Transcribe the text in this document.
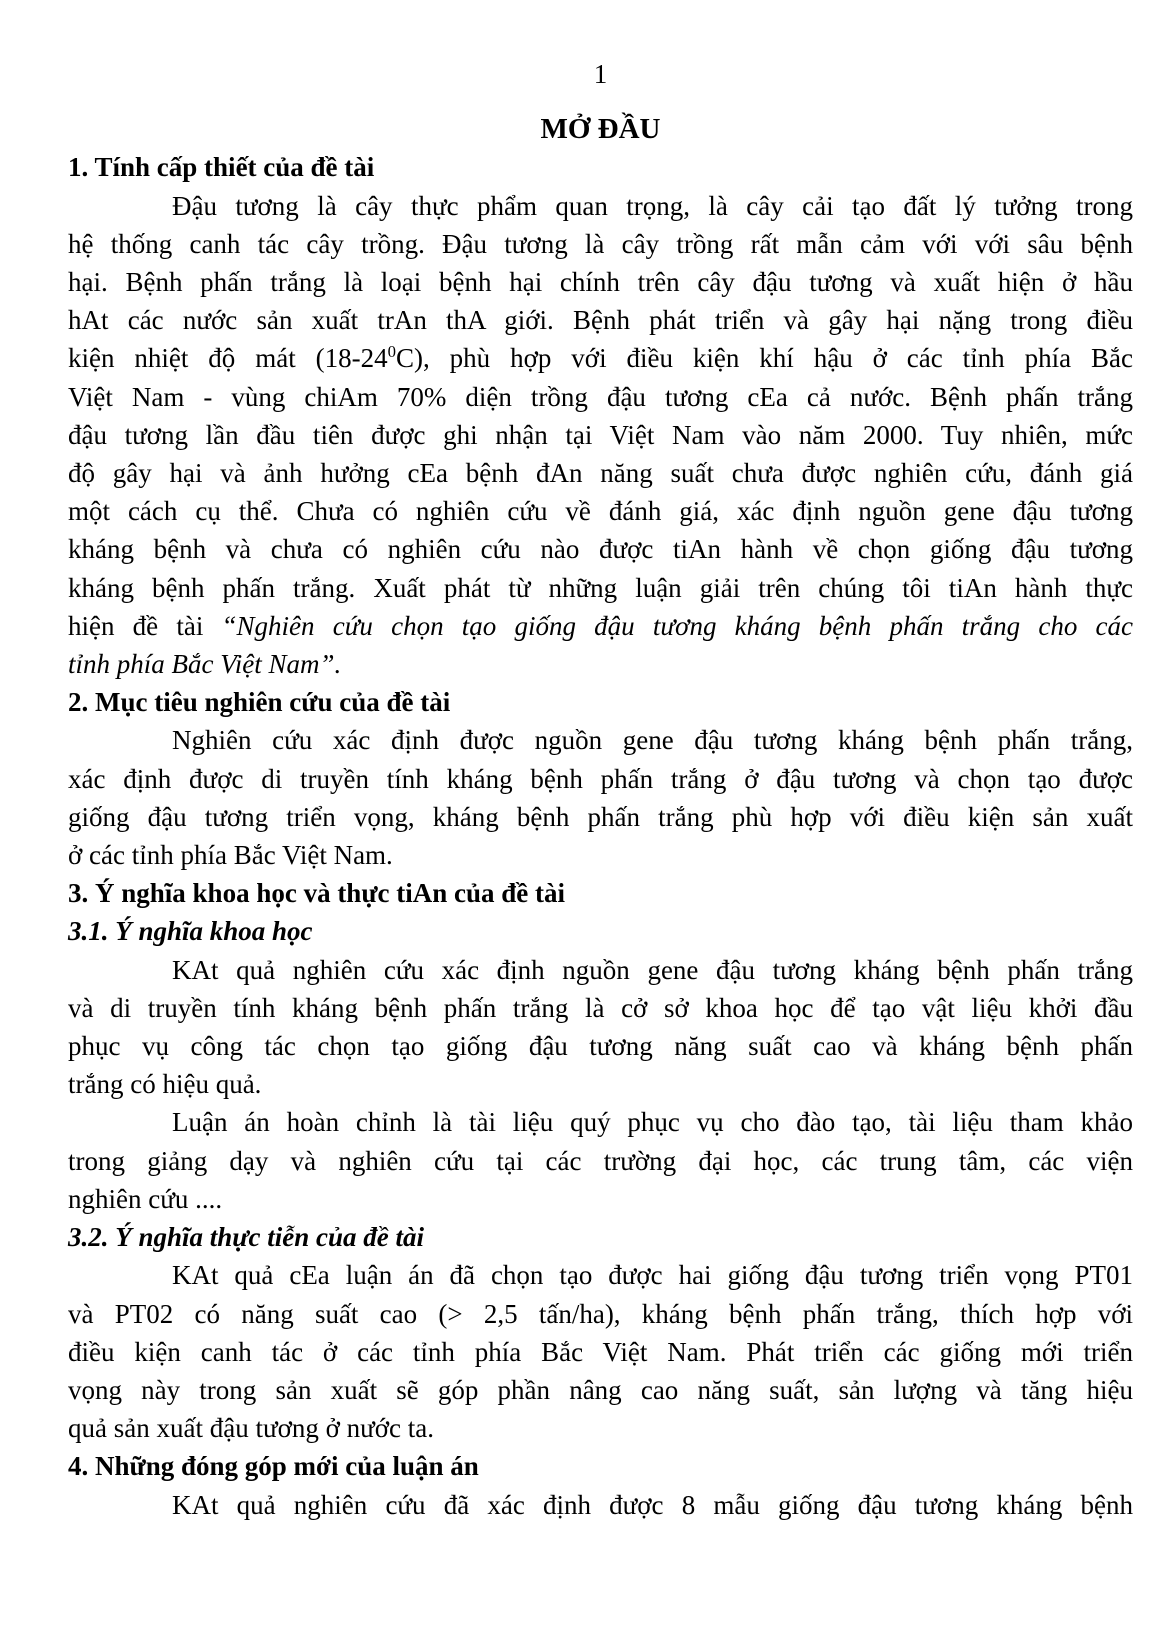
1
MỞ ĐẦU
1. Tính cấp thiết của đề tài
Đậu tương là cây thực phẩm quan trọng, là cây cải tạo đất lý tưởng trong
hệ thống canh tác cây trồng. Đậu tương là cây trồng rất mẫn cảm với với sâu bệnh
hại. Bệnh phấn trắng là loại bệnh hại chính trên cây đậu tương và xuất hiện ở hầu
hAt các nước sản xuất trAn thA giới. Bệnh phát triển và gây hại nặng trong điều
kiện nhiệt độ mát $(18-24^0C)$, phù hợp với điều kiện khí hậu ở các tỉnh phía Bắc
Việt Nam - vùng chiAm 70% diện trồng đậu tương cEa cả nước. Bệnh phấn trắng
đậu tương lần đầu tiên được ghi nhận tại Việt Nam vào năm 2000. Tuy nhiên, mức
độ gây hại và ảnh hưởng cEa bệnh đAn năng suất chưa được nghiên cứu, đánh giá
một cách cụ thể. Chưa có nghiên cứu về đánh giá, xác định nguồn gene đậu tương
kháng bệnh và chưa có nghiên cứu nào được tiAn hành về chọn giống đậu tương
kháng bệnh phấn trắng. Xuất phát từ những luận giải trên chúng tôi tiAn hành thực
hiện đề tài “Nghiên cứu chọn tạo giống đậu tương kháng bệnh phấn trắng cho các
tỉnh phía Bắc Việt Nam”.
2. Mục tiêu nghiên cứu của đề tài
Nghiên cứu xác định được nguồn gene đậu tương kháng bệnh phấn trắng,
xác định được di truyền tính kháng bệnh phấn trắng ở đậu tương và chọn tạo được
giống đậu tương triển vọng, kháng bệnh phấn trắng phù hợp với điều kiện sản xuất
ở các tỉnh phía Bắc Việt Nam.
3. Ý nghĩa khoa học và thực tiAn của đề tài
3.1. Ý nghĩa khoa học
KAt quả nghiên cứu xác định nguồn gene đậu tương kháng bệnh phấn trắng
và di truyền tính kháng bệnh phấn trắng là cở sở khoa học để tạo vật liệu khởi đầu
phục vụ công tác chọn tạo giống đậu tương năng suất cao và kháng bệnh phấn
trắng có hiệu quả.
Luận án hoàn chỉnh là tài liệu quý phục vụ cho đào tạo, tài liệu tham khảo
trong giảng dạy và nghiên cứu tại các trường đại học, các trung tâm, các viện
nghiên cứu ....
3.2. Ý nghĩa thực tiễn của đề tài
KAt quả cEa luận án đã chọn tạo được hai giống đậu tương triển vọng PT01
và PT02 có năng suất cao (> 2,5 tấn/ha), kháng bệnh phấn trắng, thích hợp với
điều kiện canh tác ở các tỉnh phía Bắc Việt Nam. Phát triển các giống mới triển
vọng này trong sản xuất sẽ góp phần nâng cao năng suất, sản lượng và tăng hiệu
quả sản xuất đậu tương ở nước ta.
4. Những đóng góp mới của luận án
KAt quả nghiên cứu đã xác định được 8 mẫu giống đậu tương kháng bệnh
